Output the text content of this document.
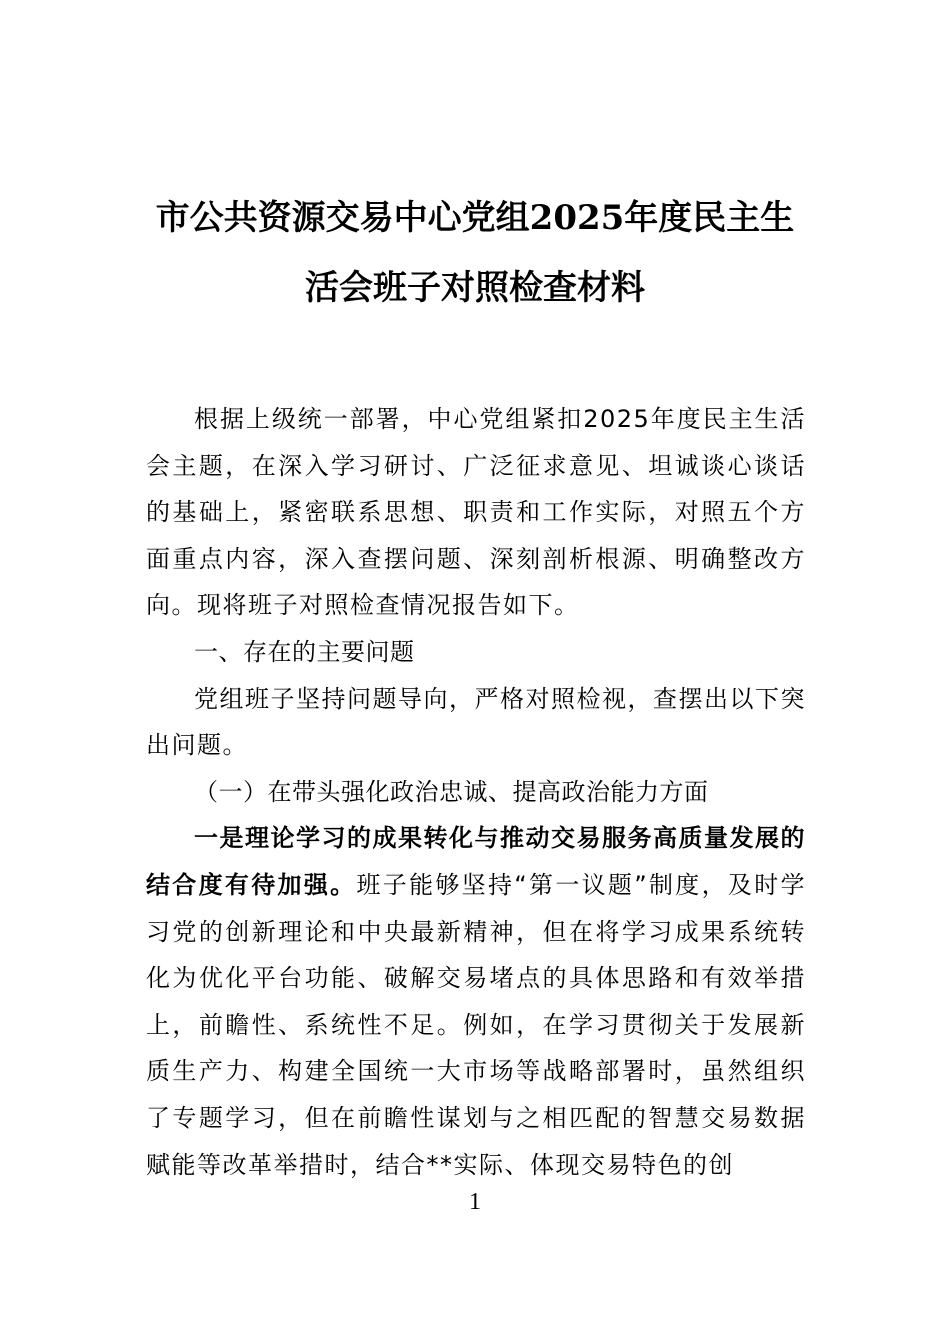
市公共资源交易中心党组2025年度民主生
活会班子对照检查材料

根据上级统一部署，中心党组紧扣2025年度民主生活会主题，在深入学习研讨、广泛征求意见、坦诚谈心谈话的基础上，紧密联系思想、职责和工作实际，对照五个方面重点内容，深入查摆问题、深刻剖析根源、明确整改方向。现将班子对照检查情况报告如下。

一、存在的主要问题

党组班子坚持问题导向，严格对照检视，查摆出以下突出问题。

（一）在带头强化政治忠诚、提高政治能力方面

一是理论学习的成果转化与推动交易服务高质量发展的结合度有待加强。班子能够坚持“第一议题”制度，及时学习党的创新理论和中央最新精神，但在将学习成果系统转化为优化平台功能、破解交易堵点的具体思路和有效举措上，前瞻性、系统性不足。例如，在学习贯彻关于发展新质生产力、构建全国统一大市场等战略部署时，虽然组织了专题学习，但在前瞻性谋划与之相匹配的智慧交易数据赋能等改革举措时，结合**实际、体现交易特色的创

1
